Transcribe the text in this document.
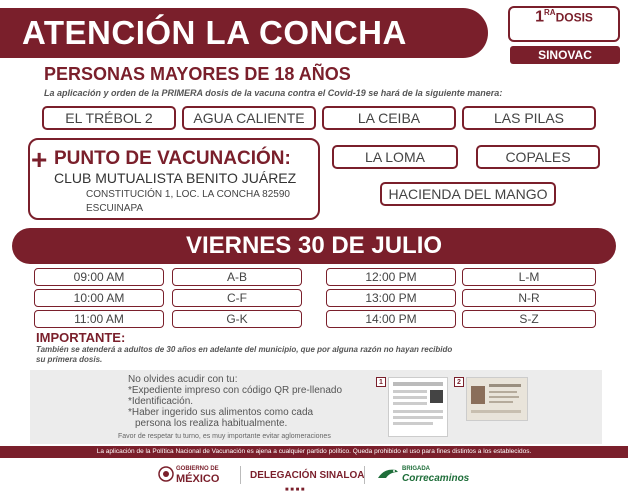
ATENCIÓN LA CONCHA	$1^{RA}DOSIS$
SINOVAC
PERSONAS MAYORES DE 18 AÑOS
La aplicación y orden de la PRIMERA dosis de la vacuna contra el Covid-19 se hará de la siguiente manera:
EL TRÉBOL 2	AGUA CALIENTE	LA CEIBA	LAS PILAS
LA LOMA	COPALES
HACIENDA DEL MANGO
+ PUNTO DE VACUNACIÓN:
CLUB MUTUALISTA BENITO JUÁREZ
CONSTITUCIÓN 1, LOC. LA CONCHA 82590
ESCUINAPA
VIERNES 30 DE JULIO
09:00 AM	A-B
10:00 AM	C-F
11:00 AM	G-K
12:00 PM	L-M
13:00 PM	N-R
14:00 PM	S-Z
IMPORTANTE:
También se atenderá a adultos de 30 años en adelante del municipio, que por alguna razón no hayan recibido su primera dosis.
No olvides acudir con tu:
*Expediente impreso con código QR pre-llenado
*Identificación.
*Haber ingerido sus alimentos como cada
persona los realiza habitualmente.
Favor de respetar tu turno, es muy importante evitar aglomeraciones
1	2
La aplicación de la Política Nacional de Vacunación es ajena a cualquier partido político. Queda prohibido el uso para fines distintos a los establecidos.
GOBIERNO DE
MÉXICO	DELEGACIÓN SINALOA
BRIGADA
Correcaminos
■ ■ ■ ■
